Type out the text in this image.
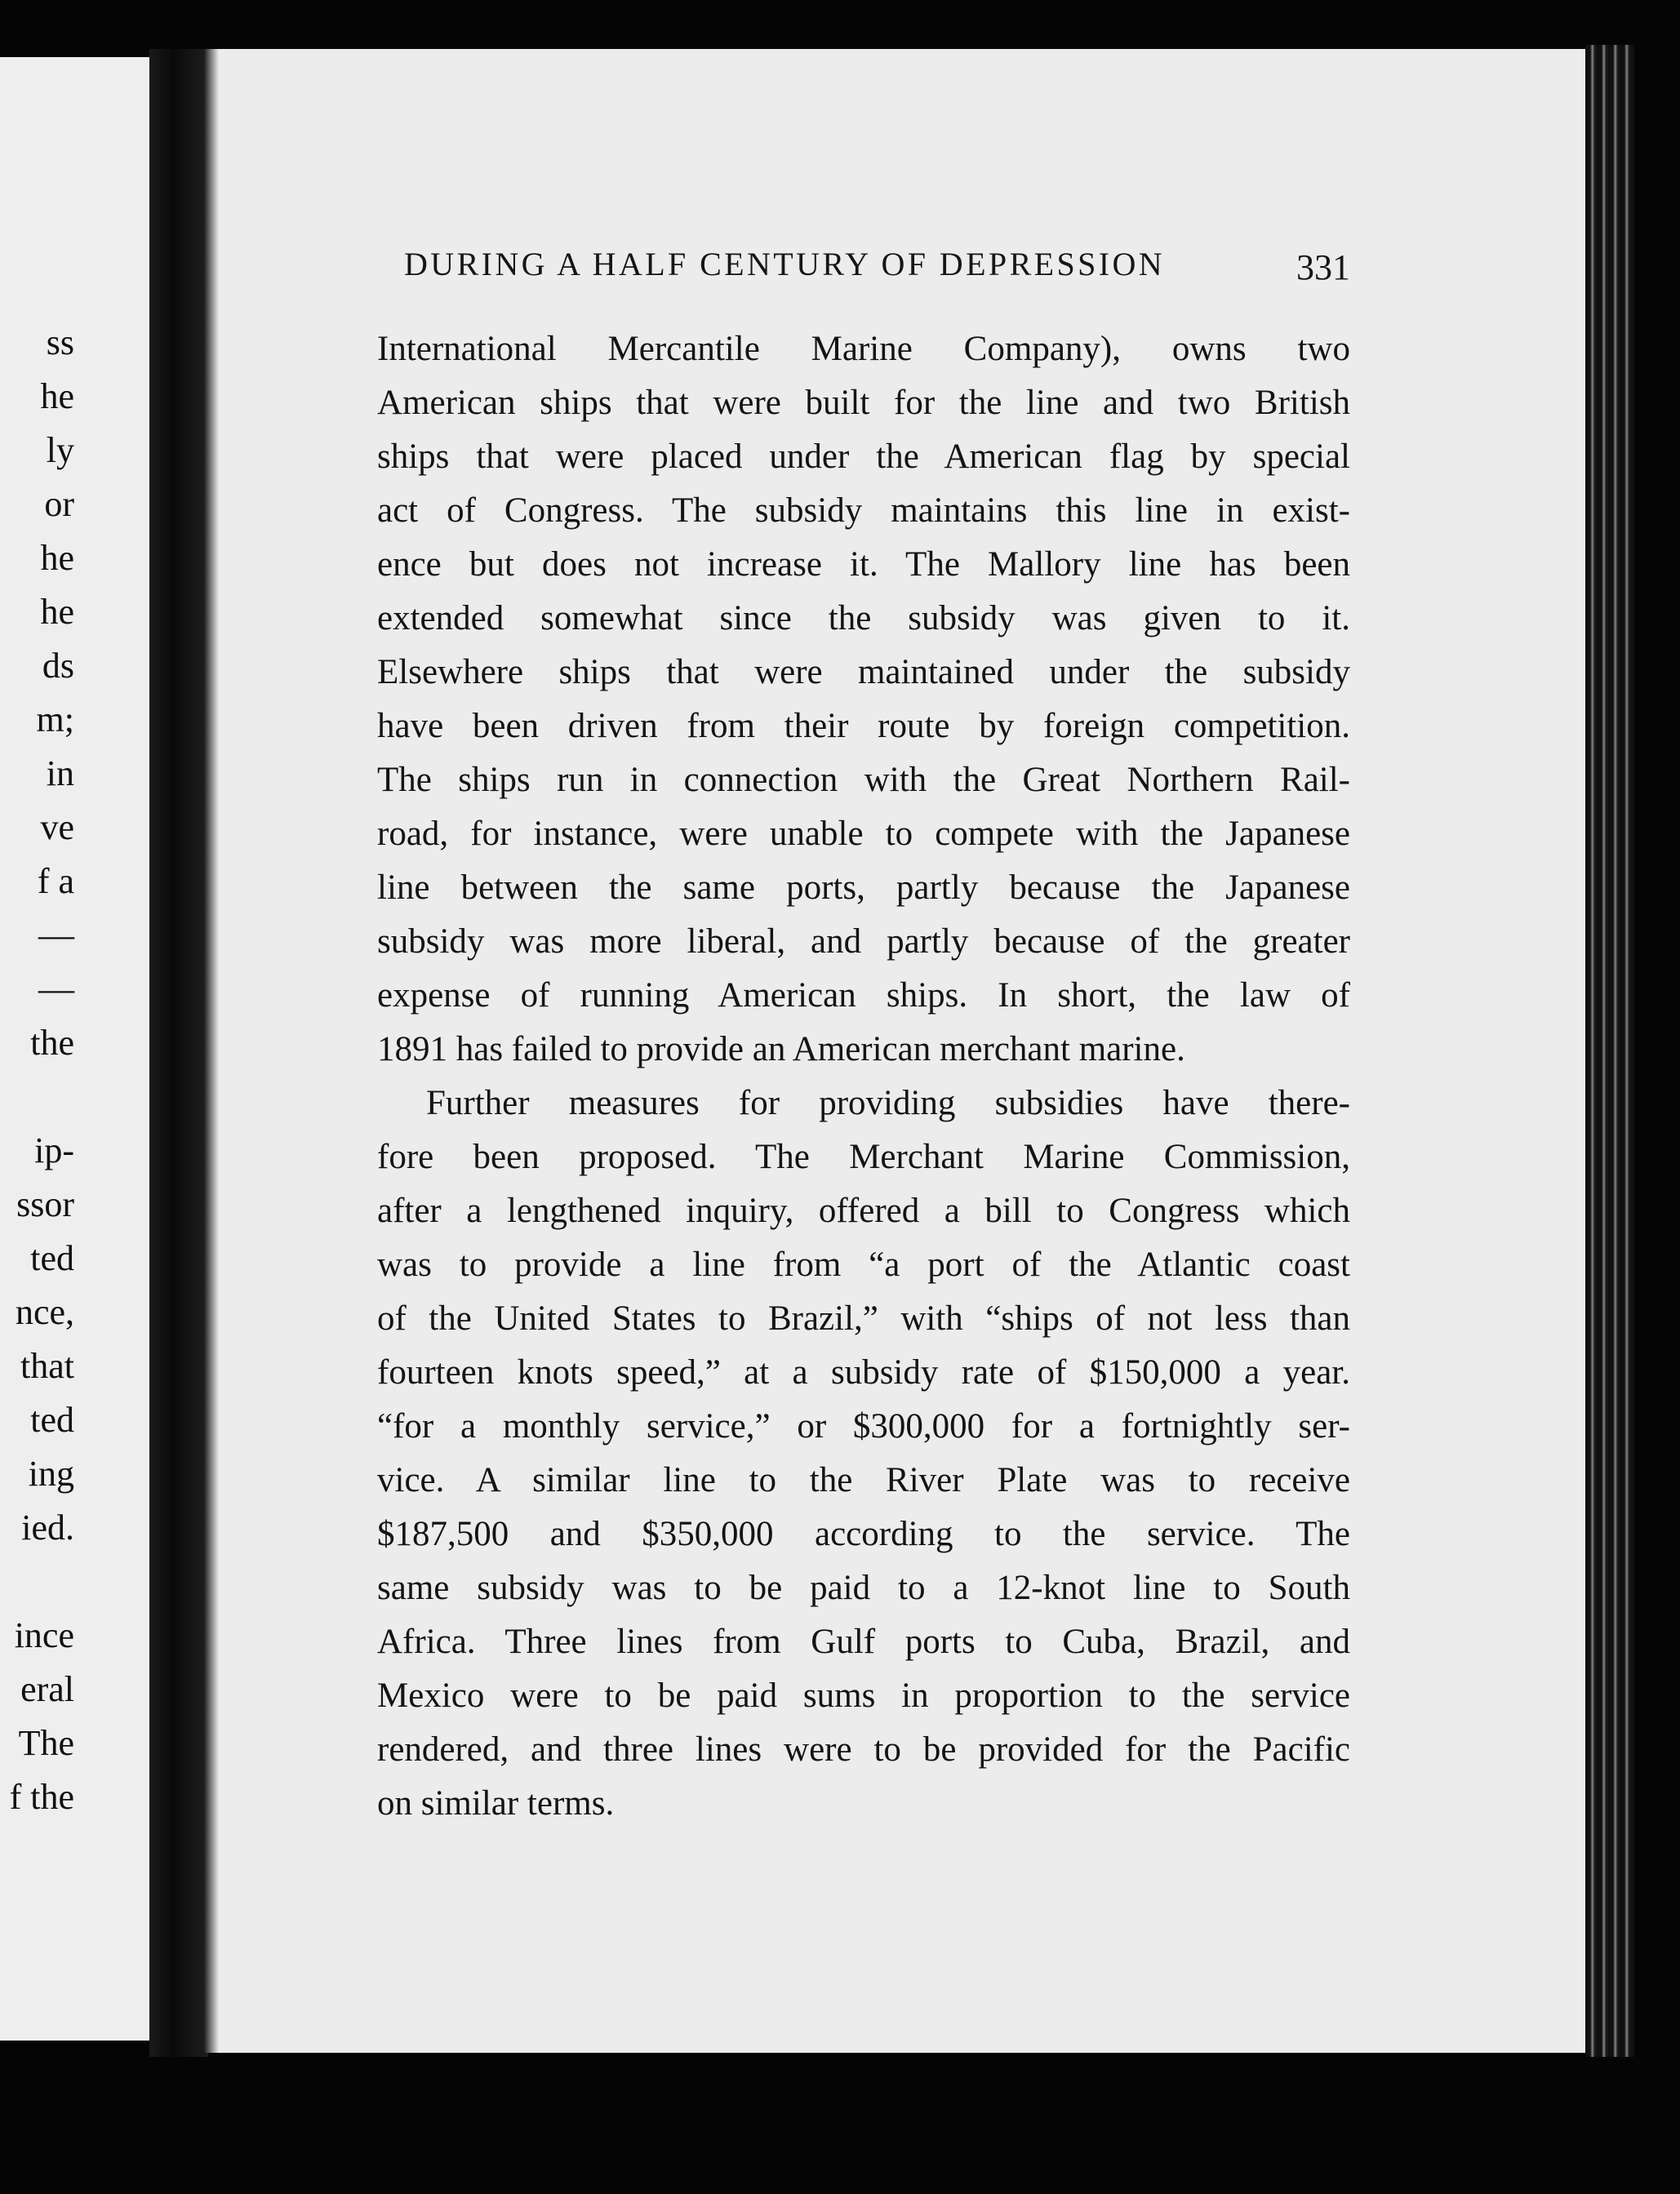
ss
he
ly
or
he
he
ds
m;
in
ve
f a
—
—
the
ip-
ssor
ted
nce,
that
ted
ing
ied.
ince
eral
The
f the
DURING A HALF CENTURY OF DEPRESSION	331
International Mercantile Marine Company), owns two
American ships that were built for the line and two British
ships that were placed under the American flag by special
act of Congress. The subsidy maintains this line in exist-
ence but does not increase it. The Mallory line has been
extended somewhat since the subsidy was given to it.
Elsewhere ships that were maintained under the subsidy
have been driven from their route by foreign competition.
The ships run in connection with the Great Northern Rail-
road, for instance, were unable to compete with the Japanese
line between the same ports, partly because the Japanese
subsidy was more liberal, and partly because of the greater
expense of running American ships. In short, the law of
1891 has failed to provide an American merchant marine.
Further measures for providing subsidies have there-
fore been proposed. The Merchant Marine Commission,
after a lengthened inquiry, offered a bill to Congress which
was to provide a line from “a port of the Atlantic coast
of the United States to Brazil,” with “ships of not less than
fourteen knots speed,” at a subsidy rate of $150,000 a year.
“for a monthly service,” or $300,000 for a fortnightly ser-
vice. A similar line to the River Plate was to receive
$187,500 and $350,000 according to the service. The
same subsidy was to be paid to a 12-knot line to South
Africa. Three lines from Gulf ports to Cuba, Brazil, and
Mexico were to be paid sums in proportion to the service
rendered, and three lines were to be provided for the Pacific
on similar terms.
